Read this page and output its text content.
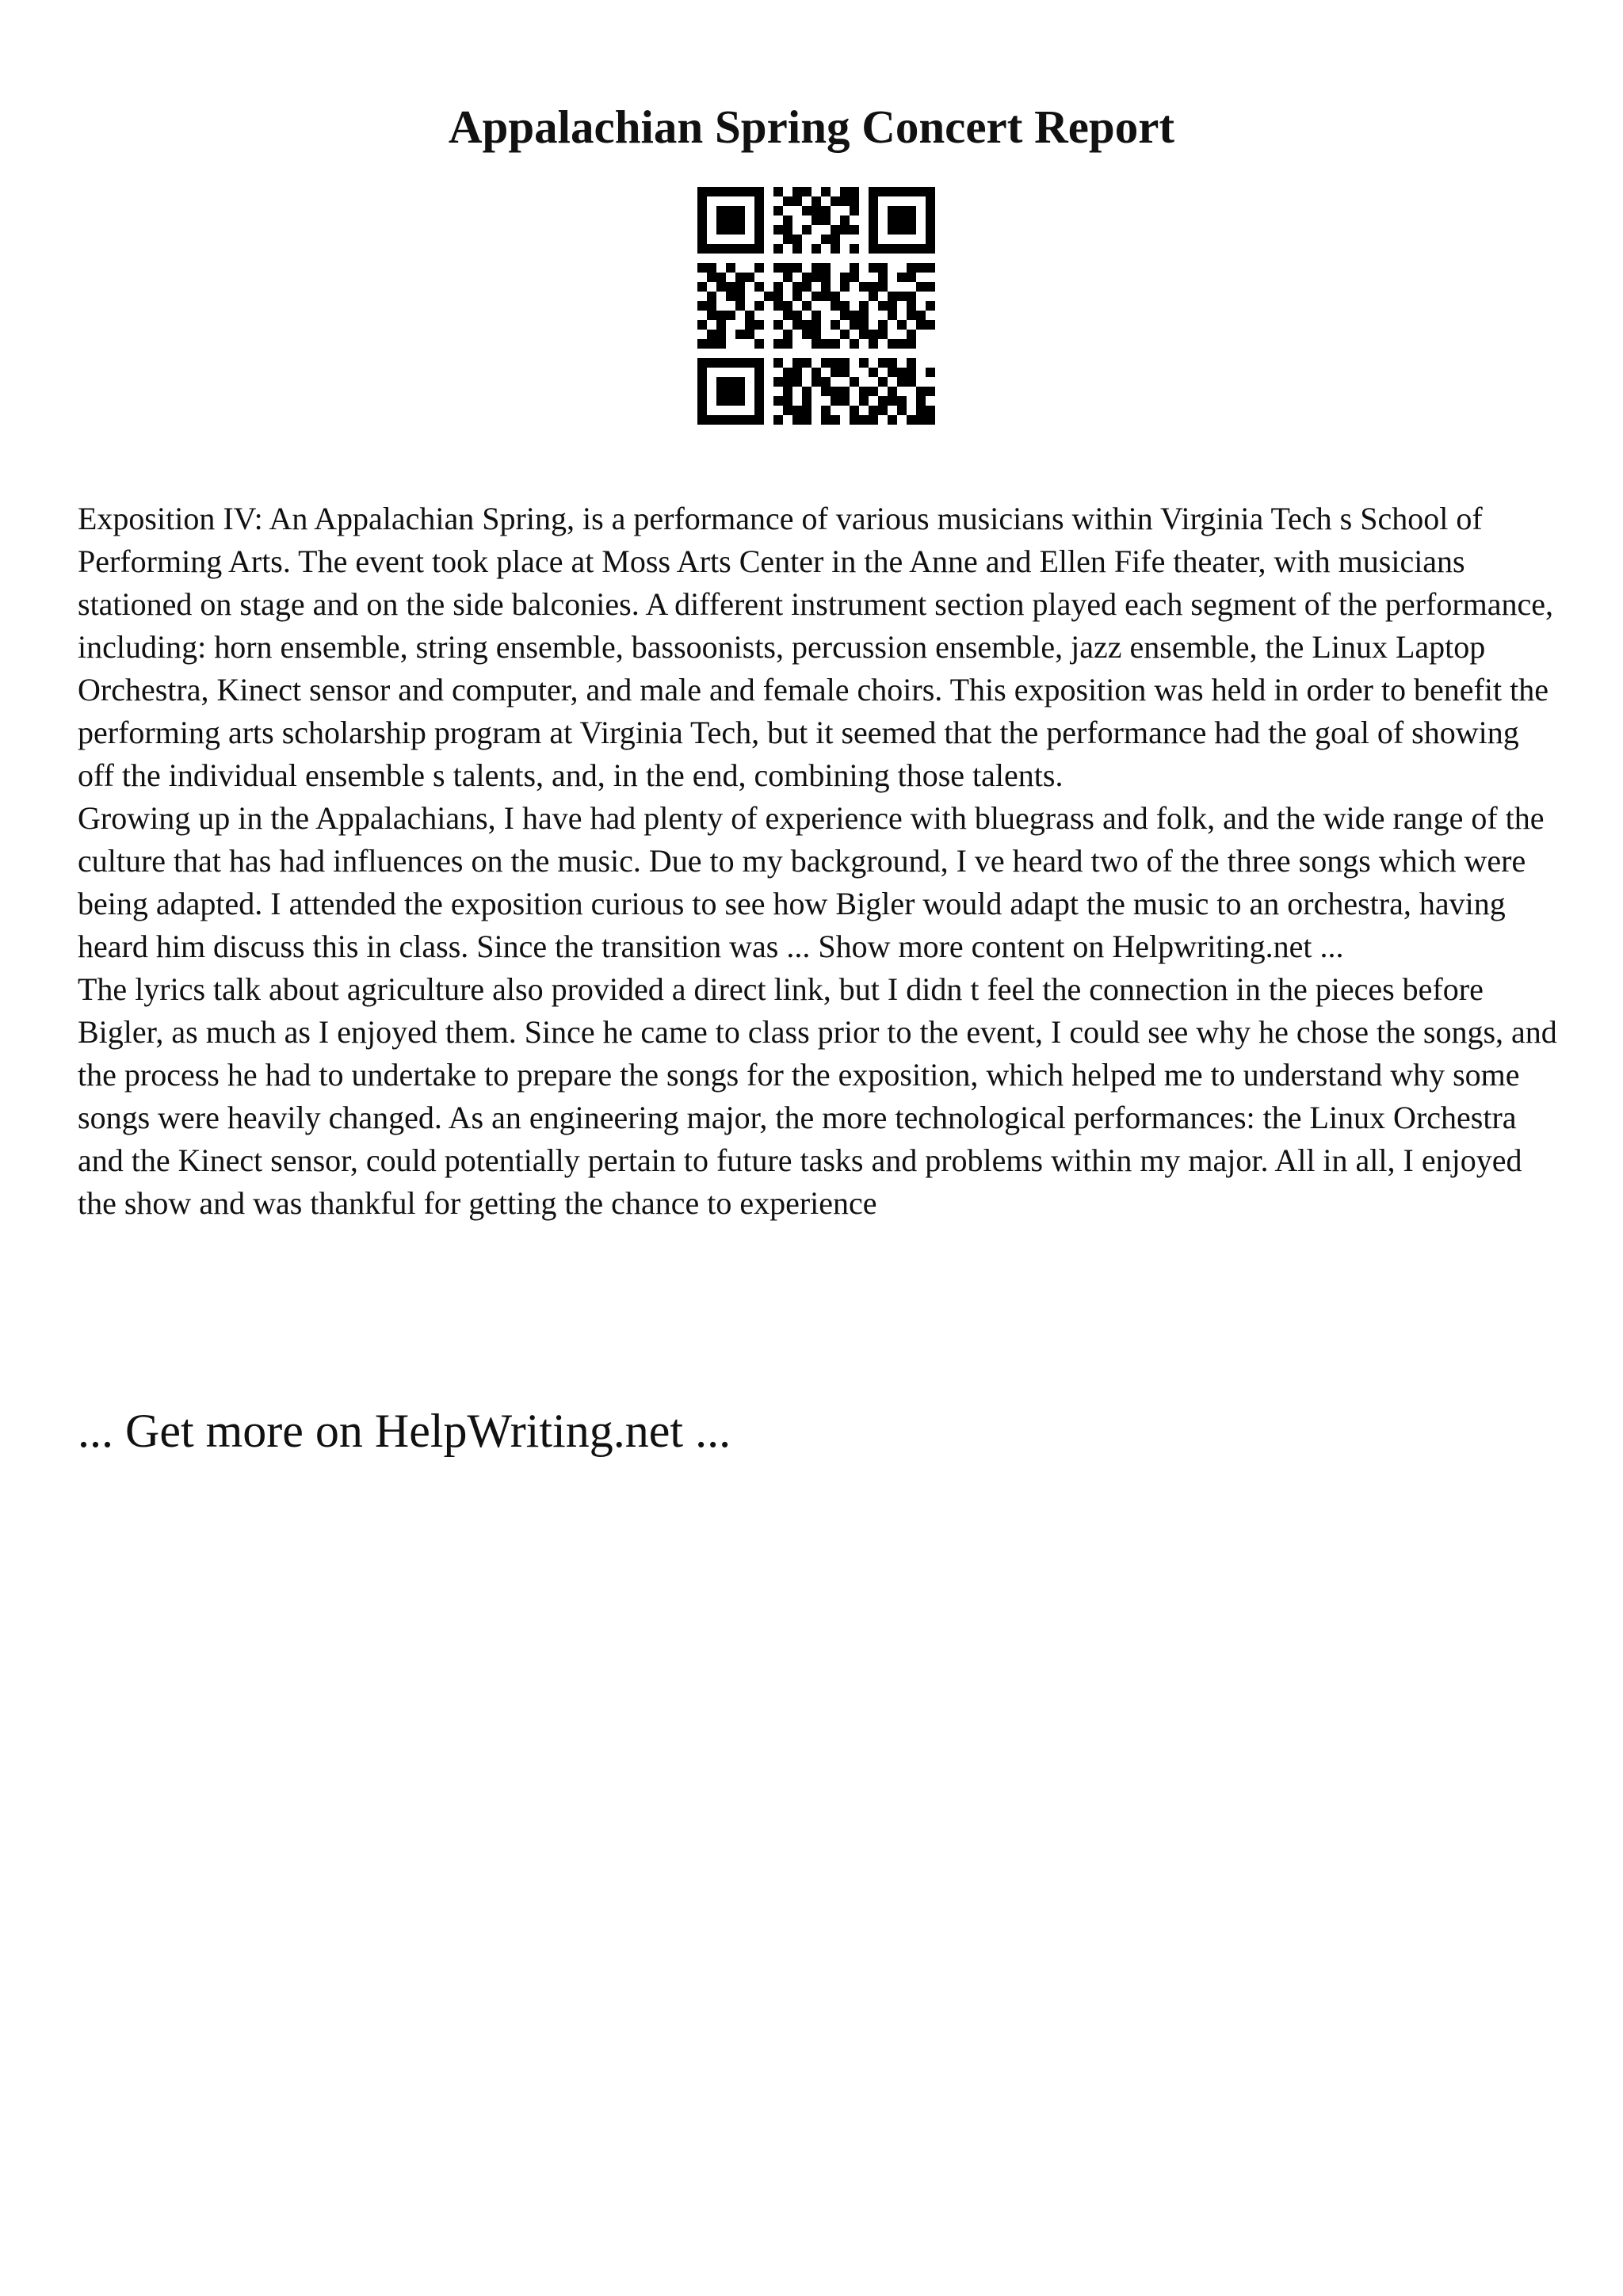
Appalachian Spring Concert Report

Exposition IV: An Appalachian Spring, is a performance of various musicians within Virginia Tech s School of Performing Arts. The event took place at Moss Arts Center in the Anne and Ellen Fife theater, with musicians stationed on stage and on the side balconies. A different instrument section played each segment of the performance, including: horn ensemble, string ensemble, bassoonists, percussion ensemble, jazz ensemble, the Linux Laptop Orchestra, Kinect sensor and computer, and male and female choirs. This exposition was held in order to benefit the performing arts scholarship program at Virginia Tech, but it seemed that the performance had the goal of showing off the individual ensemble s talents, and, in the end, combining those talents.

Growing up in the Appalachians, I have had plenty of experience with bluegrass and folk, and the wide range of the culture that has had influences on the music. Due to my background, I ve heard two of the three songs which were being adapted. I attended the exposition curious to see how Bigler would adapt the music to an orchestra, having heard him discuss this in class. Since the transition was ... Show more content on Helpwriting.net ...

The lyrics talk about agriculture also provided a direct link, but I didn t feel the connection in the pieces before Bigler, as much as I enjoyed them. Since he came to class prior to the event, I could see why he chose the songs, and the process he had to undertake to prepare the songs for the exposition, which helped me to understand why some songs were heavily changed. As an engineering major, the more technological performances: the Linux Orchestra and the Kinect sensor, could potentially pertain to future tasks and problems within my major. All in all, I enjoyed the show and was thankful for getting the chance to experience

... Get more on HelpWriting.net ...
